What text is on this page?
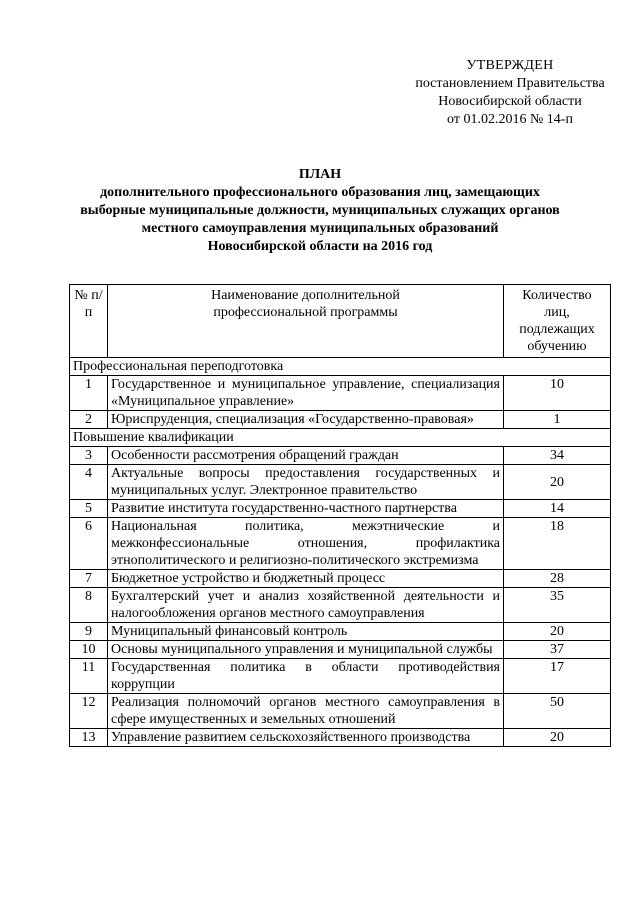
УТВЕРЖДЕН
постановлением Правительства
Новосибирской области
от 01.02.2016 № 14-п
ПЛАН
дополнительного профессионального образования лиц, замещающих
выборные муниципальные должности, муниципальных служащих органов
местного самоуправления муниципальных образований
Новосибирской области на 2016 год
№ п/п	Наименование дополнительной профессиональной программы	Количество лиц, подлежащих обучению
Профессиональная переподготовка		
1	Государственное и муниципальное управление, специализация «Муниципальное управление»	10
2	Юриспруденция, специализация «Государственно-правовая»	1
Повышение квалификации		
3	Особенности рассмотрения обращений граждан	34
4	Актуальные вопросы предоставления государственных и муниципальных услуг. Электронное правительство	20
5	Развитие института государственно-частного партнерства	14
6	Национальная политика, межэтнические и межконфессиональные отношения, профилактика этнополитического и религиозно-политического экстремизма	18
7	Бюджетное устройство и бюджетный процесс	28
8	Бухгалтерский учет и анализ хозяйственной деятельности и налогообложения органов местного самоуправления	35
9	Муниципальный финансовый контроль	20
10	Основы муниципального управления и муниципальной службы	37
11	Государственная политика в области противодействия коррупции	17
12	Реализация полномочий органов местного самоуправления в сфере имущественных и земельных отношений	50
13	Управление развитием сельскохозяйственного производства	20
